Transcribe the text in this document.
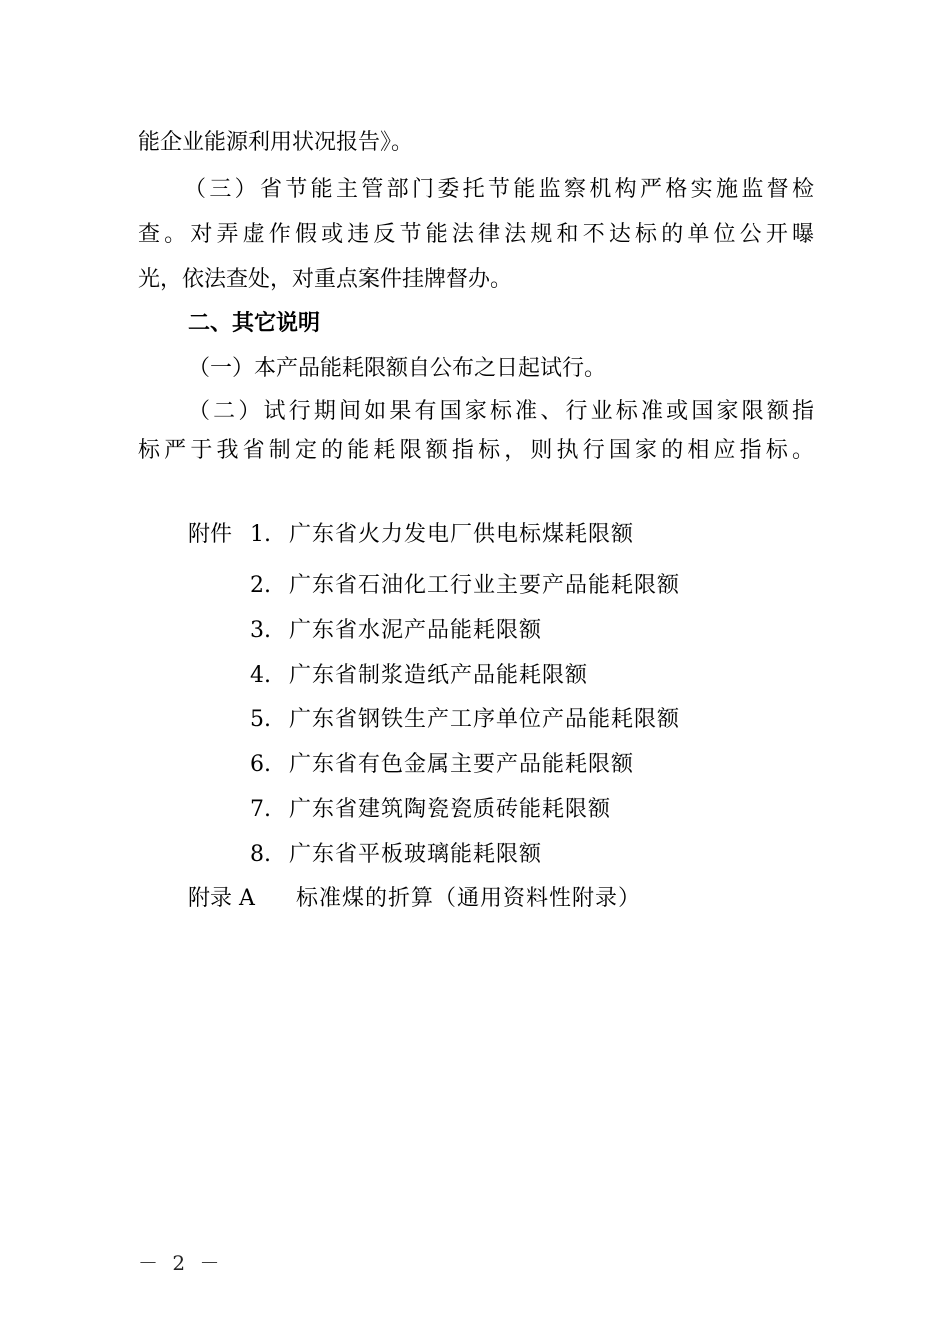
能企业能源利用状况报告》。
（三）省节能主管部门委托节能监察机构严格实施监督检
查。对弄虚作假或违反节能法律法规和不达标的单位公开曝
光，依法查处，对重点案件挂牌督办。
二、其它说明
（一）本产品能耗限额自公布之日起试行。
（二）试行期间如果有国家标准、行业标准或国家限额指
标严于我省制定的能耗限额指标，则执行国家的相应指标。
附件 1. 广东省火力发电厂供电标煤耗限额
2. 广东省石油化工行业主要产品能耗限额
3. 广东省水泥产品能耗限额
4. 广东省制浆造纸产品能耗限额
5. 广东省钢铁生产工序单位产品能耗限额
6. 广东省有色金属主要产品能耗限额
7. 广东省建筑陶瓷瓷质砖能耗限额
8. 广东省平板玻璃能耗限额
附录 A 标准煤的折算（通用资料性附录）
－ 2 －
